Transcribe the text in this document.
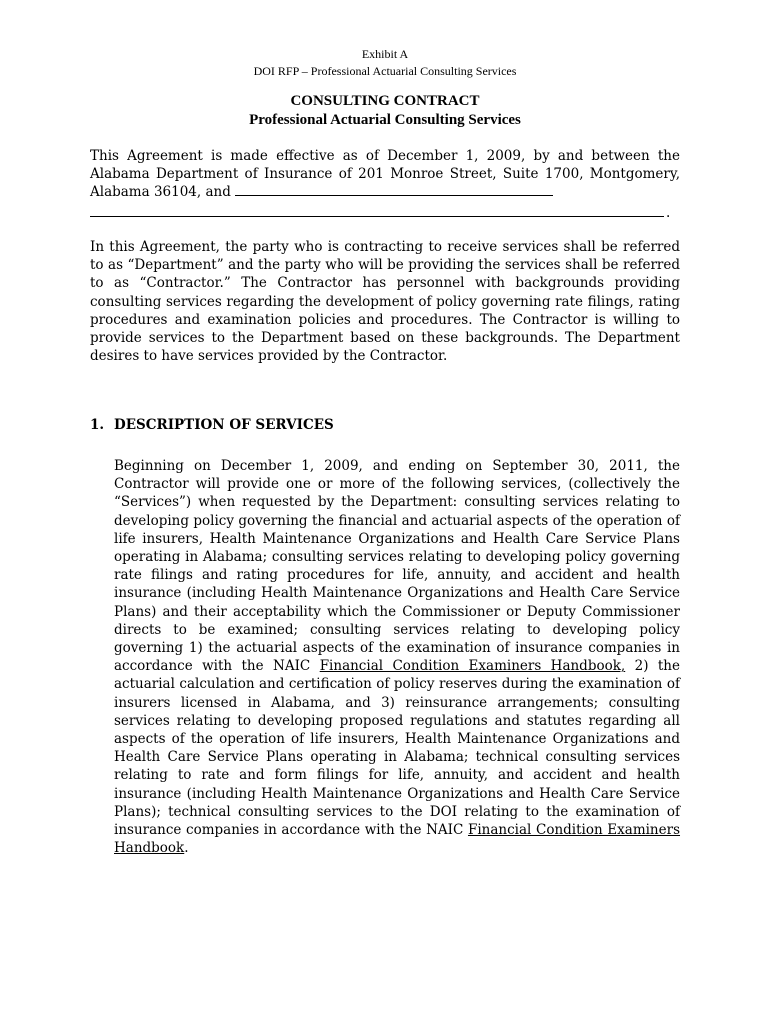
Exhibit A
DOI RFP – Professional Actuarial Consulting Services
CONSULTING CONTRACT
Professional Actuarial Consulting Services
This Agreement is made effective as of December 1, 2009, by and between the Alabama Department of Insurance of 201 Monroe Street, Suite 1700, Montgomery, Alabama 36104, and
.
In this Agreement, the party who is contracting to receive services shall be referred to as “Department” and the party who will be providing the services shall be referred to as “Contractor.” The Contractor has personnel with backgrounds providing consulting services regarding the development of policy governing rate filings, rating procedures and examination policies and procedures. The Contractor is willing to provide services to the Department based on these backgrounds. The Department desires to have services provided by the Contractor.
1. DESCRIPTION OF SERVICES
Beginning on December 1, 2009, and ending on September 30, 2011, the Contractor will provide one or more of the following services, (collectively the “Services”) when requested by the Department: consulting services relating to developing policy governing the financial and actuarial aspects of the operation of life insurers, Health Maintenance Organizations and Health Care Service Plans operating in Alabama; consulting services relating to developing policy governing rate filings and rating procedures for life, annuity, and accident and health insurance (including Health Maintenance Organizations and Health Care Service Plans) and their acceptability which the Commissioner or Deputy Commissioner directs to be examined; consulting services relating to developing policy governing 1) the actuarial aspects of the examination of insurance companies in accordance with the NAIC Financial Condition Examiners Handbook, 2) the actuarial calculation and certification of policy reserves during the examination of insurers licensed in Alabama, and 3) reinsurance arrangements; consulting services relating to developing proposed regulations and statutes regarding all aspects of the operation of life insurers, Health Maintenance Organizations and Health Care Service Plans operating in Alabama; technical consulting services relating to rate and form filings for life, annuity, and accident and health insurance (including Health Maintenance Organizations and Health Care Service Plans); technical consulting services to the DOI relating to the examination of insurance companies in accordance with the NAIC Financial Condition Examiners Handbook.
